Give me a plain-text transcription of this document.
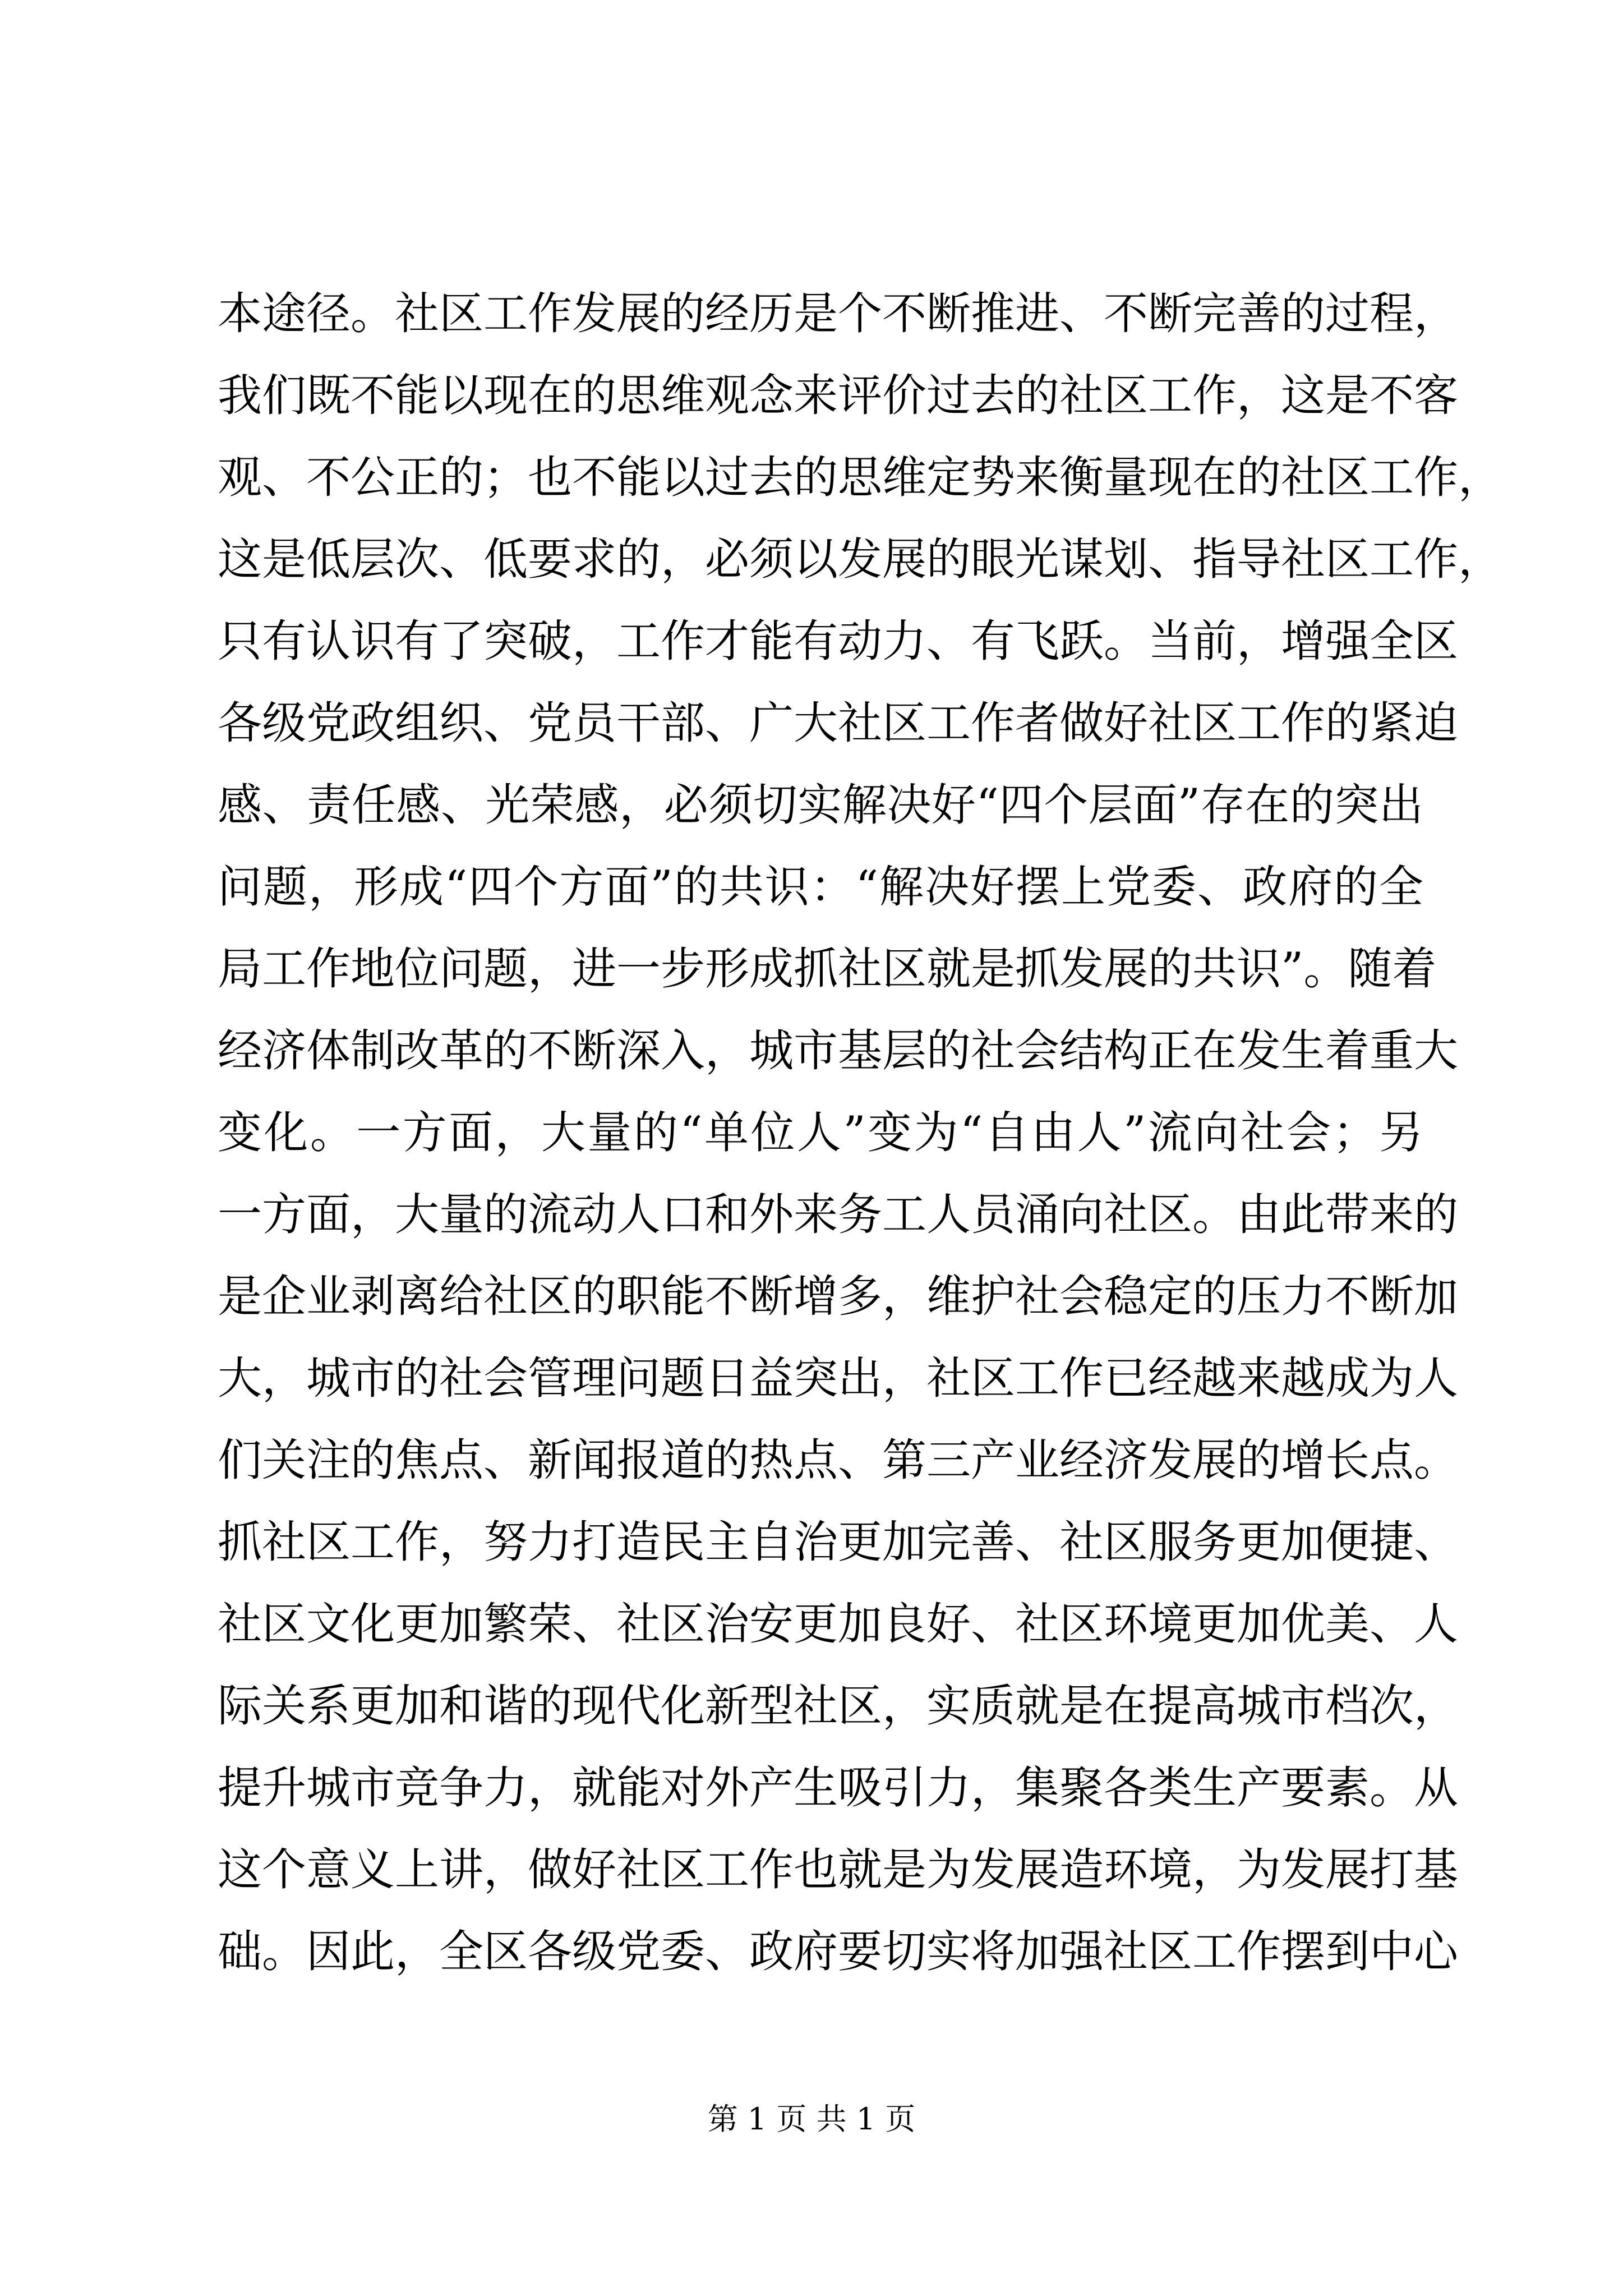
本途径。社区工作发展的经历是个不断推进、不断完善的过程，
我们既不能以现在的思维观念来评价过去的社区工作，这是不客
观、不公正的；也不能以过去的思维定势来衡量现在的社区工作，
这是低层次、低要求的，必须以发展的眼光谋划、指导社区工作，
只有认识有了突破，工作才能有动力、有飞跃。当前，增强全区
各级党政组织、党员干部、广大社区工作者做好社区工作的紧迫
感、责任感、光荣感，必须切实解决好“四个层面”存在的突出
问题，形成“四个方面”的共识：“解决好摆上党委、政府的全
局工作地位问题，进一步形成抓社区就是抓发展的共识”。随着
经济体制改革的不断深入，城市基层的社会结构正在发生着重大
变化。一方面，大量的“单位人”变为“自由人”流向社会；另
一方面，大量的流动人口和外来务工人员涌向社区。由此带来的
是企业剥离给社区的职能不断增多，维护社会稳定的压力不断加
大，城市的社会管理问题日益突出，社区工作已经越来越成为人
们关注的焦点、新闻报道的热点、第三产业经济发展的增长点。
抓社区工作，努力打造民主自治更加完善、社区服务更加便捷、
社区文化更加繁荣、社区治安更加良好、社区环境更加优美、人
际关系更加和谐的现代化新型社区，实质就是在提高城市档次，
提升城市竞争力，就能对外产生吸引力，集聚各类生产要素。从
这个意义上讲，做好社区工作也就是为发展造环境，为发展打基
础。因此，全区各级党委、政府要切实将加强社区工作摆到中心
第 1 页 共 1 页
